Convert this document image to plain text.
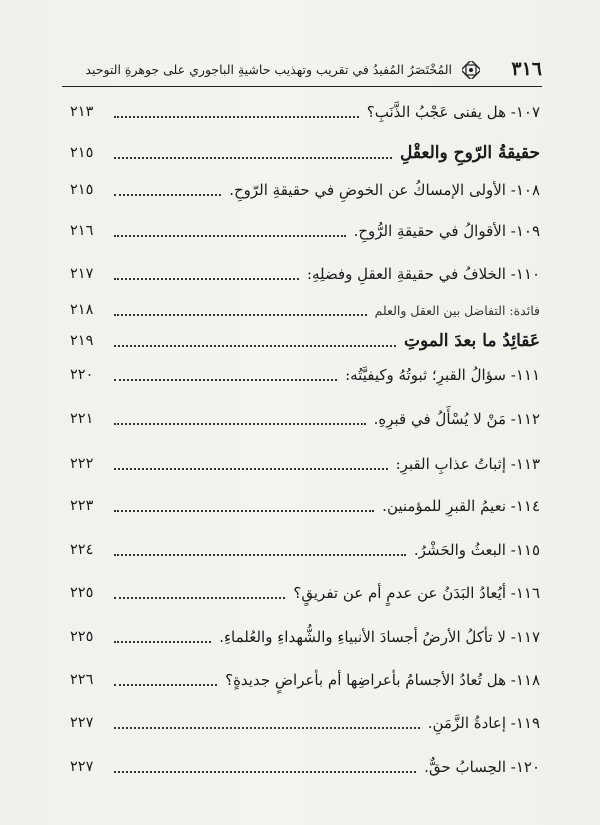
٣١٦
المُخْتَصَرُ المُفيدُ في تقريبِ وتهذيبِ حاشيةِ الباجوري على جوهرةِ التوحيد
١٠٧- هل يفنى عَجْبُ الذَّنَبِ؟
٢١٣
حقيقةُ الرّوحِ والعقْلِ
٢١٥
١٠٨- الأولى الإمساكُ عن الخوضِ في حقيقةِ الرّوحِ.
٢١٥
١٠٩- الأقوالُ في حقيقةِ الرُّوحِ.
٢١٦
١١٠- الخلافُ في حقيقةِ العقلِ وفضلِهِ:
٢١٧
فائدة: التفاضل بين العقل والعلم
٢١٨
عَقائِدُ ما بعدَ الموتِ
٢١٩
١١١- سؤالُ القبرِ؛ ثبوتُهُ وكيفيَّتُه:
٢٢٠
١١٢- مَنْ لا يُسْأَلُ في قبرِهِ.
٢٢١
١١٣- إثباتُ عذابِ القبرِ:
٢٢٢
١١٤- نعيمُ القبرِ للمؤمنين.
٢٢٣
١١٥- البعثُ والحَشْرُ.
٢٢٤
١١٦- أيُعادُ البَدَنُ عن عدمٍ أم عن تفريقٍ؟
٢٢٥
١١٧- لا تأكلُ الأرضُ أجسادَ الأنبياءِ والشُّهداءِ والعُلماءِ.
٢٢٥
١١٨- هل تُعادُ الأجسامُ بأعراضِها أم بأعراضٍ جديدةٍ؟
٢٢٦
١١٩- إعادةُ الزَّمَنِ.
٢٢٧
١٢٠- الحِسابُ حقٌّ.
٢٢٧
